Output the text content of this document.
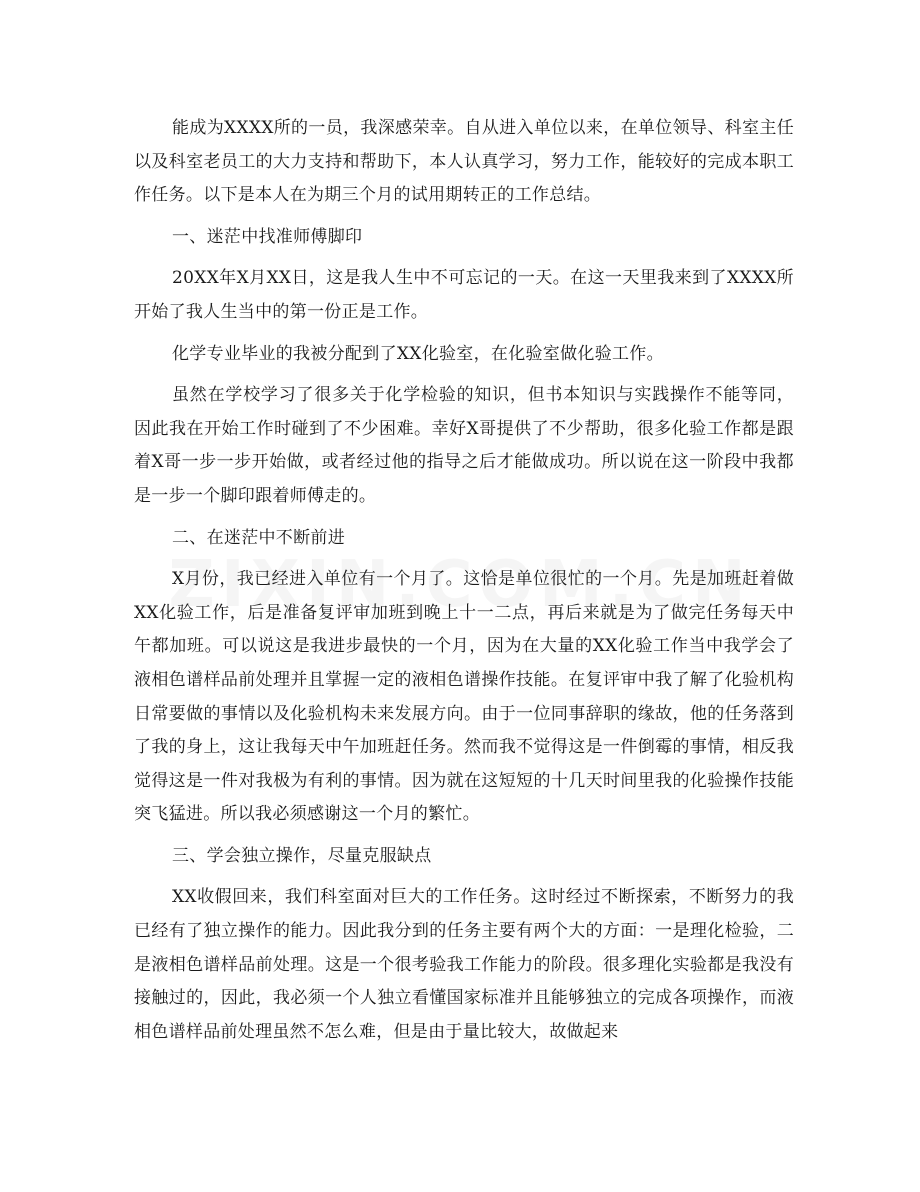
能成为XXXX所的一员，我深感荣幸。自从进入单位以来，在单位领导、科室主任以及科室老员工的大力支持和帮助下，本人认真学习，努力工作，能较好的完成本职工作任务。以下是本人在为期三个月的试用期转正的工作总结。

一、迷茫中找准师傅脚印

20XX年X月XX日，这是我人生中不可忘记的一天。在这一天里我来到了XXXX所开始了我人生当中的第一份正是工作。

化学专业毕业的我被分配到了XX化验室，在化验室做化验工作。

虽然在学校学习了很多关于化学检验的知识，但书本知识与实践操作不能等同，因此我在开始工作时碰到了不少困难。幸好X哥提供了不少帮助，很多化验工作都是跟着X哥一步一步开始做，或者经过他的指导之后才能做成功。所以说在这一阶段中我都是一步一个脚印跟着师傅走的。

二、在迷茫中不断前进

X月份，我已经进入单位有一个月了。这恰是单位很忙的一个月。先是加班赶着做XX化验工作，后是准备复评审加班到晚上十一二点，再后来就是为了做完任务每天中午都加班。可以说这是我进步最快的一个月，因为在大量的XX化验工作当中我学会了液相色谱样品前处理并且掌握一定的液相色谱操作技能。在复评审中我了解了化验机构日常要做的事情以及化验机构未来发展方向。由于一位同事辞职的缘故，他的任务落到了我的身上，这让我每天中午加班赶任务。然而我不觉得这是一件倒霉的事情，相反我觉得这是一件对我极为有利的事情。因为就在这短短的十几天时间里我的化验操作技能突飞猛进。所以我必须感谢这一个月的繁忙。

三、学会独立操作，尽量克服缺点

XX收假回来，我们科室面对巨大的工作任务。这时经过不断探索，不断努力的我已经有了独立操作的能力。因此我分到的任务主要有两个大的方面：一是理化检验，二是液相色谱样品前处理。这是一个很考验我工作能力的阶段。很多理化实验都是我没有接触过的，因此，我必须一个人独立看懂国家标准并且能够独立的完成各项操作，而液相色谱样品前处理虽然不怎么难，但是由于量比较大，故做起来
